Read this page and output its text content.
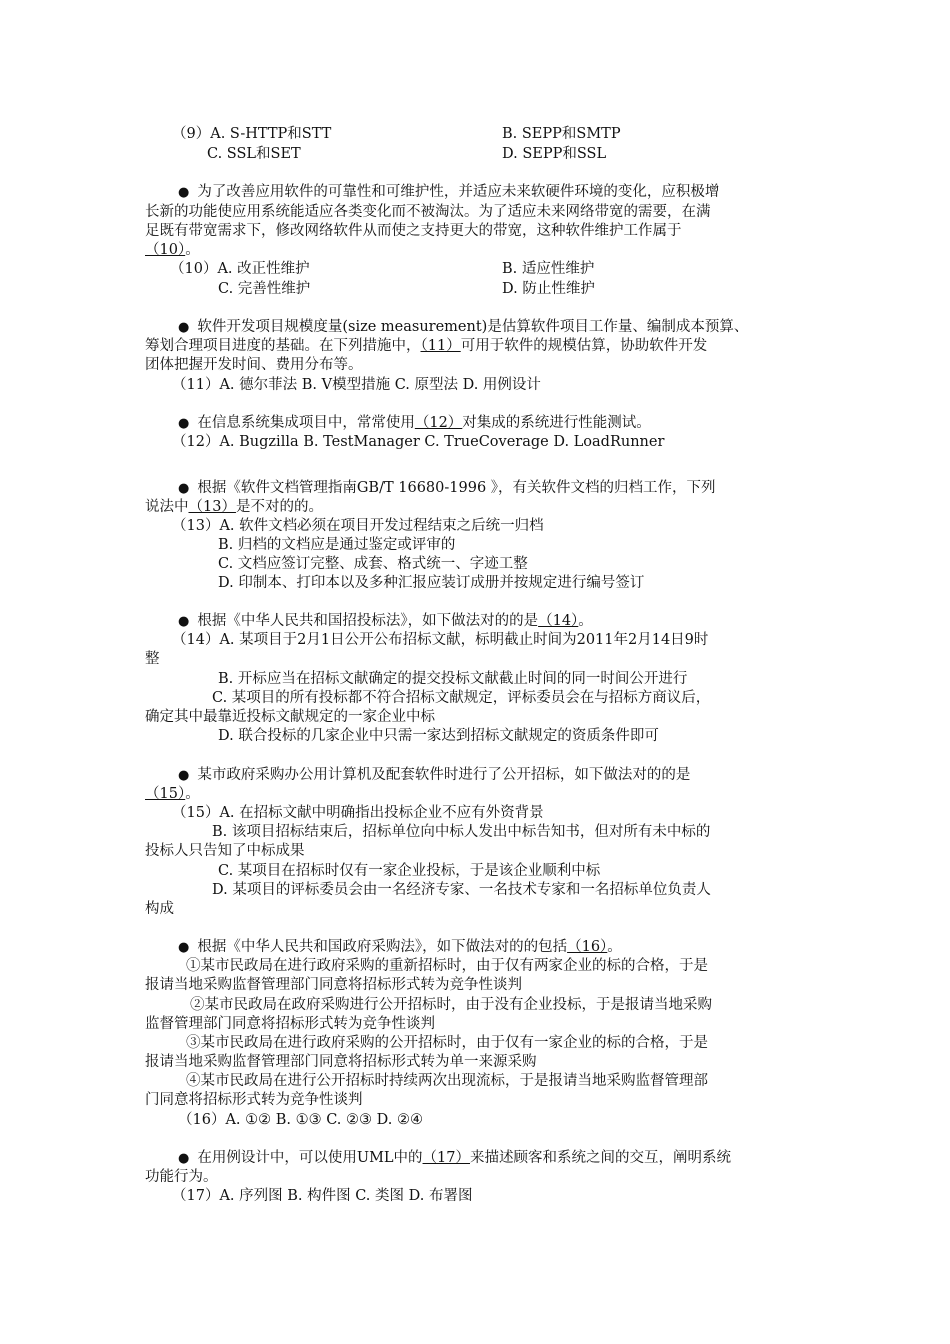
（9）A. S-HTTP和STT	B. SEPP和SMTP
C. SSL和SET	D. SEPP和SSL
● 为了改善应用软件的可靠性和可维护性，并适应未来软硬件环境的变化，应积极增
长新的功能使应用系统能适应各类变化而不被淘汰。为了适应未来网络带宽的需要，在满
足既有带宽需求下，修改网络软件从而使之支持更大的带宽，这种软件维护工作属于
（10）。
（10）A. 改正性维护	B. 适应性维护
C. 完善性维护	D. 防止性维护
● 软件开发项目规模度量(size measurement)是估算软件项目工作量、编制成本预算、
筹划合理项目进度的基础。在下列措施中，（11）可用于软件的规模估算，协助软件开发
团体把握开发时间、费用分布等。
（11）A. 德尔菲法 B. V模型措施 C. 原型法 D. 用例设计
● 在信息系统集成项目中，常常使用（12）对集成的系统进行性能测试。
（12）A. Bugzilla B. TestManager C. TrueCoverage D. LoadRunner
● 根据《软件文档管理指南GB/T 16680-1996 》，有关软件文档的归档工作，下列
说法中（13）是不对的的。
（13）A. 软件文档必须在项目开发过程结束之后统一归档
B. 归档的文档应是通过鉴定或评审的
C. 文档应签订完整、成套、格式统一、字迹工整
D. 印制本、打印本以及多种汇报应装订成册并按规定进行编号签订
● 根据《中华人民共和国招投标法》，如下做法对的的是（14）。
（14）A. 某项目于2月1日公开公布招标文献，标明截止时间为2011年2月14日9时
整
B. 开标应当在招标文献确定的提交投标文献截止时间的同一时间公开进行
C. 某项目的所有投标都不符合招标文献规定，评标委员会在与招标方商议后，
确定其中最靠近投标文献规定的一家企业中标
D. 联合投标的几家企业中只需一家达到招标文献规定的资质条件即可
● 某市政府采购办公用计算机及配套软件时进行了公开招标，如下做法对的的是
（15）。
（15）A. 在招标文献中明确指出投标企业不应有外资背景
B. 该项目招标结束后，招标单位向中标人发出中标告知书，但对所有未中标的
投标人只告知了中标成果
C. 某项目在招标时仅有一家企业投标，于是该企业顺利中标
D. 某项目的评标委员会由一名经济专家、一名技术专家和一名招标单位负责人
构成
● 根据《中华人民共和国政府采购法》，如下做法对的的包括（16）。
①某市民政局在进行政府采购的重新招标时，由于仅有两家企业的标的合格，于是
报请当地采购监督管理部门同意将招标形式转为竞争性谈判
②某市民政局在政府采购进行公开招标时，由于没有企业投标，于是报请当地采购
监督管理部门同意将招标形式转为竞争性谈判
③某市民政局在进行政府采购的公开招标时，由于仅有一家企业的标的合格，于是
报请当地采购监督管理部门同意将招标形式转为单一来源采购
④某市民政局在进行公开招标时持续两次出现流标，于是报请当地采购监督管理部
门同意将招标形式转为竞争性谈判
（16）A. ①② B. ①③ C. ②③ D. ②④
● 在用例设计中，可以使用UML中的（17）来描述顾客和系统之间的交互，阐明系统
功能行为。
（17）A. 序列图 B. 构件图 C. 类图 D. 布署图
